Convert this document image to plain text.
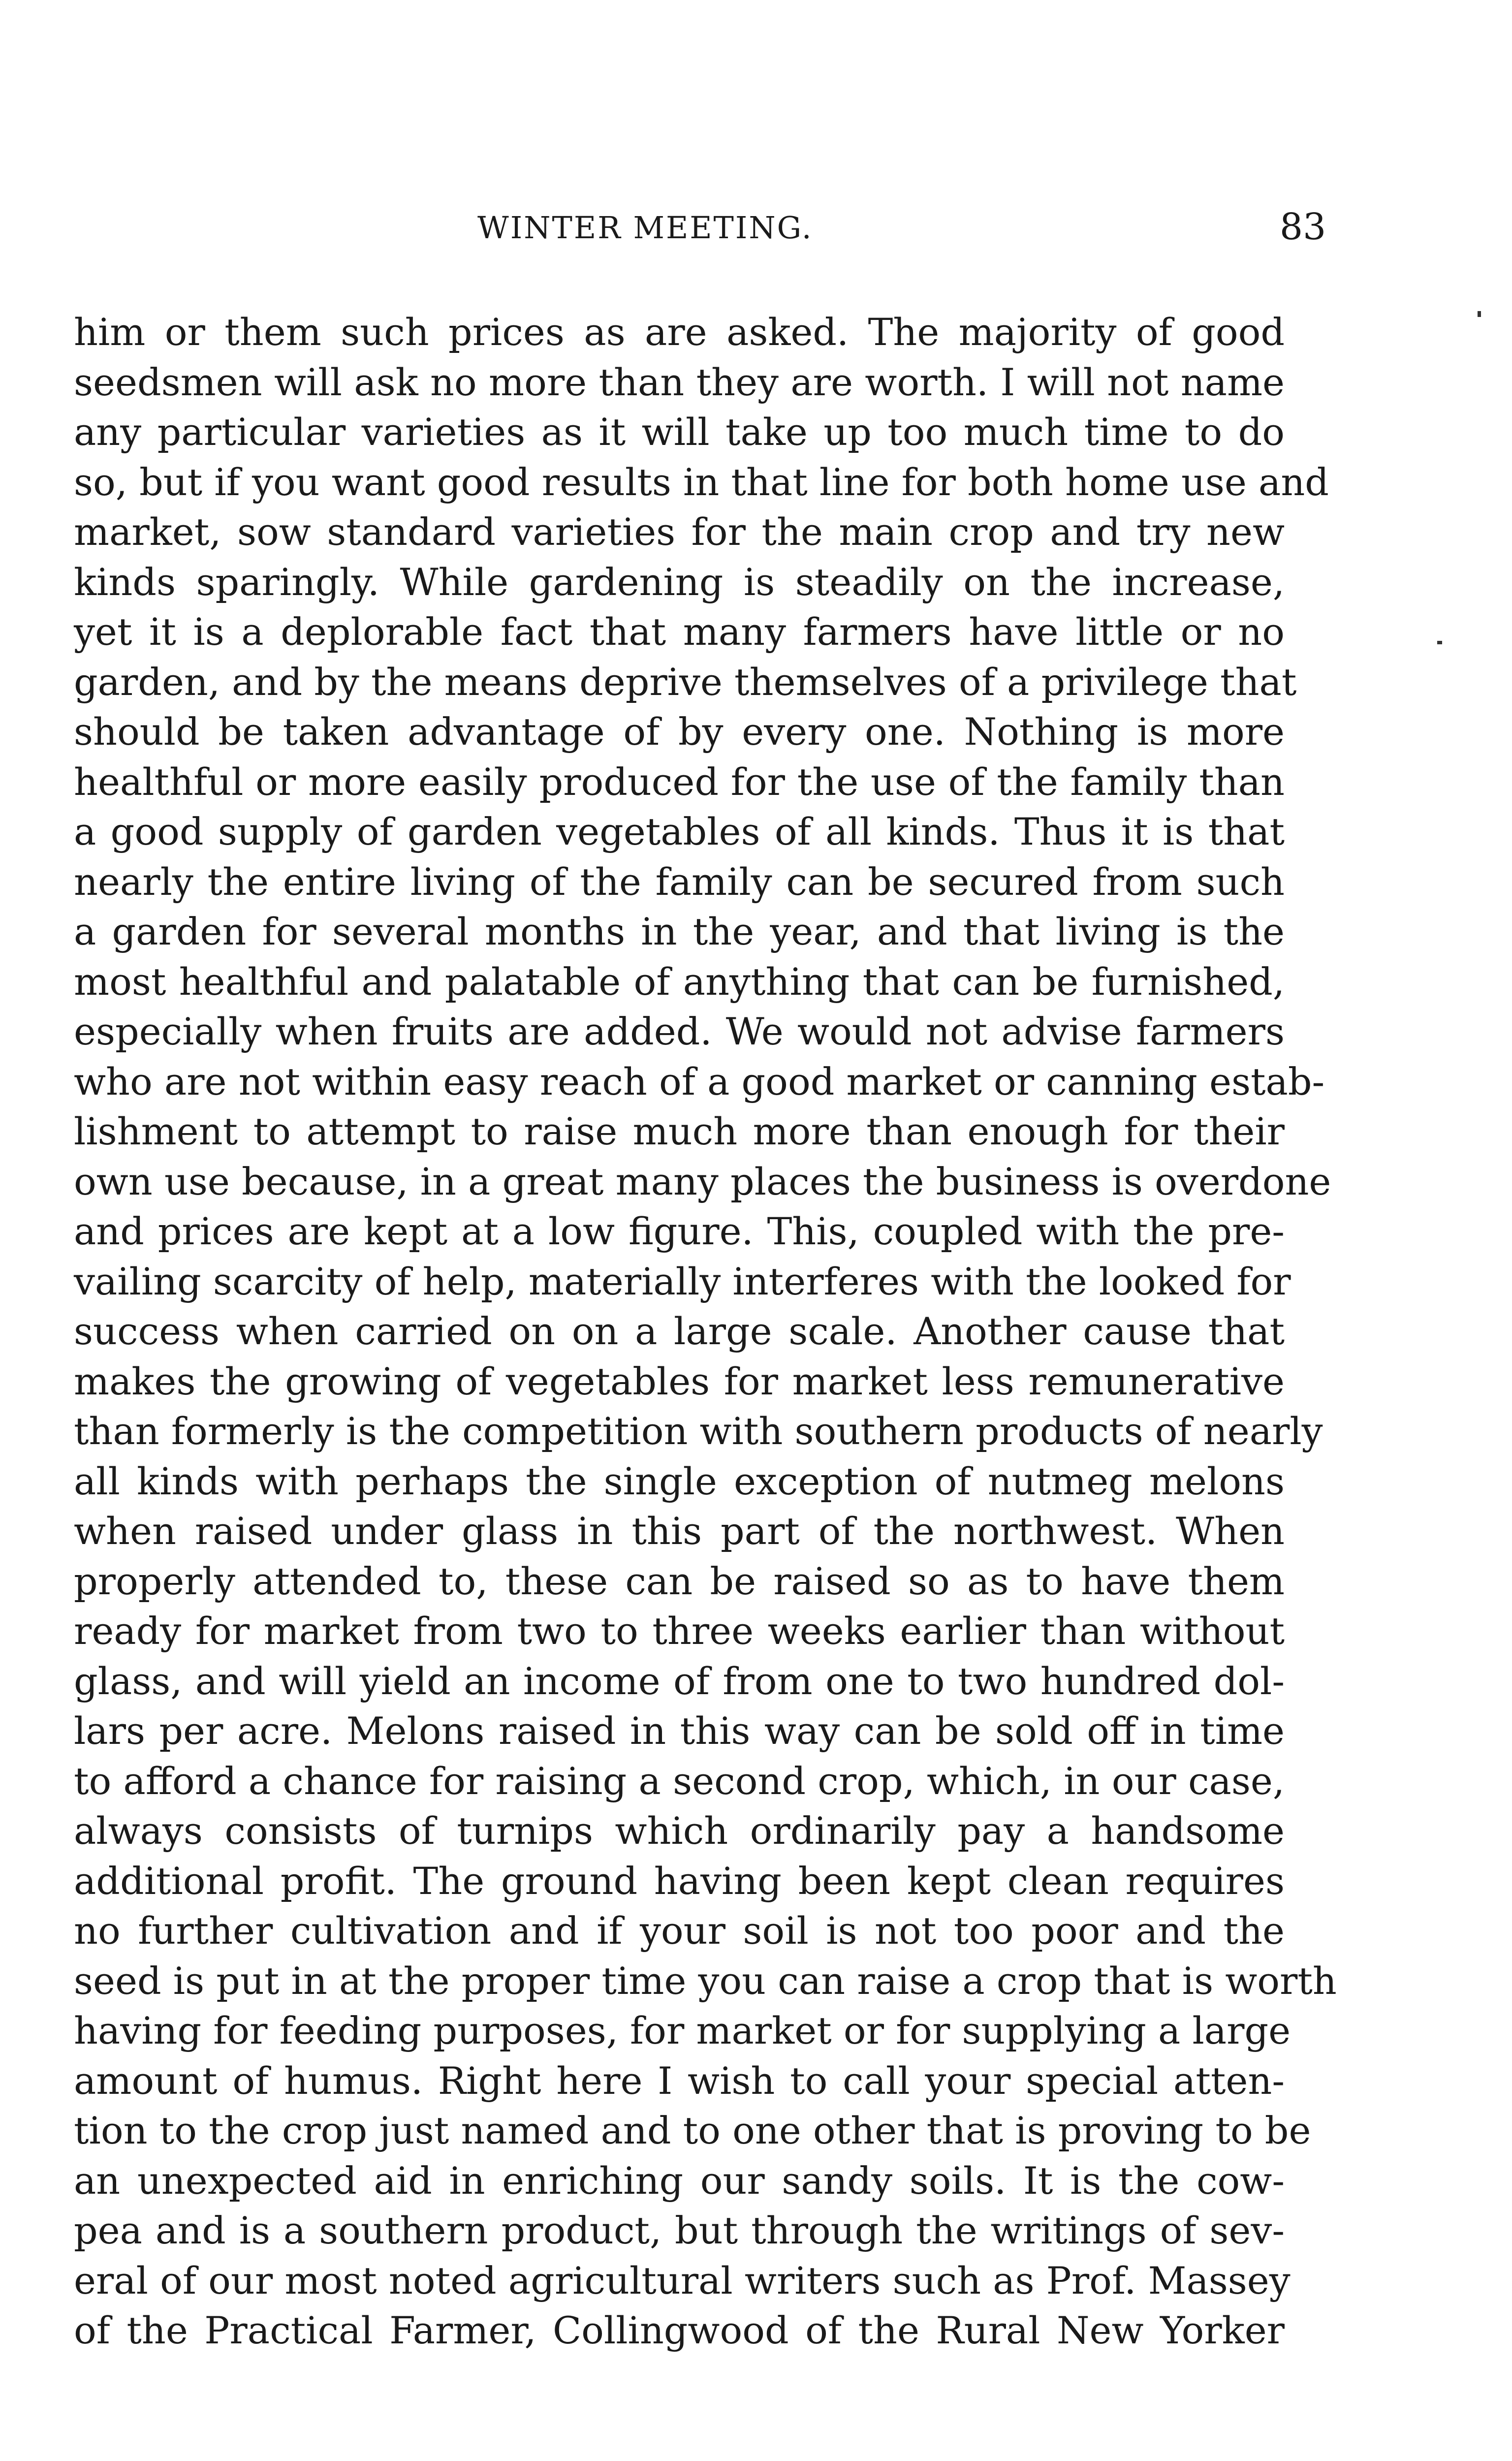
WINTER MEETING.	83
him or them such prices as are asked. The majority of good
seedsmen will ask no more than they are worth. I will not name
any particular varieties as it will take up too much time to do
so, but if you want good results in that line for both home use and
market, sow standard varieties for the main crop and try new
kinds sparingly. While gardening is steadily on the increase,
yet it is a deplorable fact that many farmers have little or no
garden, and by the means deprive themselves of a privilege that
should be taken advantage of by every one. Nothing is more
healthful or more easily produced for the use of the family than
a good supply of garden vegetables of all kinds. Thus it is that
nearly the entire living of the family can be secured from such
a garden for several months in the year, and that living is the
most healthful and palatable of anything that can be furnished,
especially when fruits are added. We would not advise farmers
who are not within easy reach of a good market or canning estab-
lishment to attempt to raise much more than enough for their
own use because, in a great many places the business is overdone
and prices are kept at a low figure. This, coupled with the pre-
vailing scarcity of help, materially interferes with the looked for
success when carried on on a large scale. Another cause that
makes the growing of vegetables for market less remunerative
than formerly is the competition with southern products of nearly
all kinds with perhaps the single exception of nutmeg melons
when raised under glass in this part of the northwest. When
properly attended to, these can be raised so as to have them
ready for market from two to three weeks earlier than without
glass, and will yield an income of from one to two hundred dol-
lars per acre. Melons raised in this way can be sold off in time
to afford a chance for raising a second crop, which, in our case,
always consists of turnips which ordinarily pay a handsome
additional profit. The ground having been kept clean requires
no further cultivation and if your soil is not too poor and the
seed is put in at the proper time you can raise a crop that is worth
having for feeding purposes, for market or for supplying a large
amount of humus. Right here I wish to call your special atten-
tion to the crop just named and to one other that is proving to be
an unexpected aid in enriching our sandy soils. It is the cow-
pea and is a southern product, but through the writings of sev-
eral of our most noted agricultural writers such as Prof. Massey
of the Practical Farmer, Collingwood of the Rural New Yorker
